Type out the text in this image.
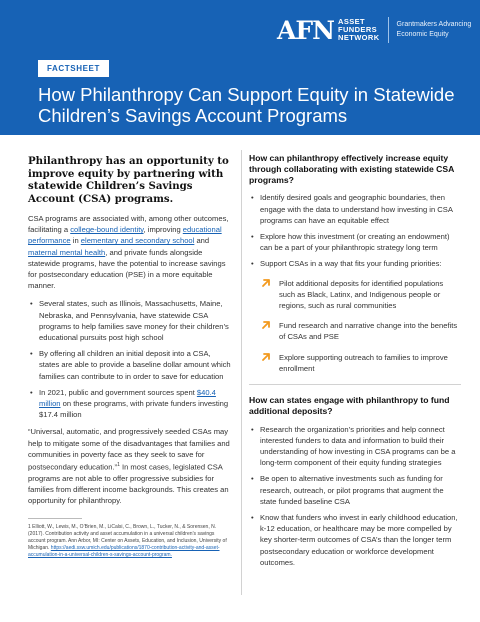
AFN ASSET
FUNDERS
NETWORK
Grantmakers Advancing Economic Equity
FACTSHEET
How Philanthropy Can Support Equity in Statewide Children’s Savings Account Programs
Philanthropy has an opportunity to improve equity by partnering with statewide Children’s Savings Account (CSA) programs.

CSA programs are associated with, among other outcomes, facilitating a college-bound identity, improving educational performance in elementary and secondary school and maternal mental health, and private funds alongside statewide programs, have the potential to increase savings for postsecondary education (PSE) in a more equitable manner.

• Several states, such as Illinois, Massachusetts, Maine, Nebraska, and Pennsylvania, have statewide CSA programs to help families save money for their children’s educational pursuits post high school
• By offering all children an initial deposit into a CSA, states are able to provide a baseline dollar amount which families can contribute to in order to save for education
• In 2021, public and government sources spent $40.4 million on these programs, with private funders investing $17.4 million

“Universal, automatic, and progressively seeded CSAs may help to mitigate some of the disadvantages that families and communities in poverty face as they seek to save for postsecondary education.”$^1$ In most cases, legislated CSA programs are not able to offer progressive subsidies for families from different income backgrounds. This creates an opportunity for philanthropy.

1 Elliott, W., Lewis, M., O’Brien, M., LiCalsi, C., Brown, L., Tucker, N., & Sorensen, N. (2017). Contribution activity and asset accumulation in a universal children’s savings account program. Ann Arbor, MI: Center on Assets, Education, and Inclusion, University of Michigan. https://aedi.ssw.umich.edu/publications/1870-contribution-activity-and-asset-accumulation-in-a-universal-children-s-savings-account-program.

How can philanthropy effectively increase equity through collaborating with existing statewide CSA programs?
• Identify desired goals and geographic boundaries, then engage with the data to understand how investing in CSA programs can have an equitable effect
• Explore how this investment (or creating an endowment) can be a part of your philanthropic strategy long term
• Support CSAs in a way that fits your funding priorities:
Pilot additional deposits for identified populations such as Black, Latinx, and Indigenous people or regions, such as rural communities
Fund research and narrative change into the benefits of CSAs and PSE
Explore supporting outreach to families to improve enrollment
How can states engage with philanthropy to fund additional deposits?
• Research the organization’s priorities and help connect interested funders to data and information to build their understanding of how investing in CSA programs can be a long-term component of their equity funding strategies
• Be open to alternative investments such as funding for research, outreach, or pilot programs that augment the state funded baseline CSA
• Know that funders who invest in early childhood education, k-12 education, or healthcare may be more compelled by key shorter-term outcomes of CSA’s than the longer term postsecondary education or workforce development outcomes.
